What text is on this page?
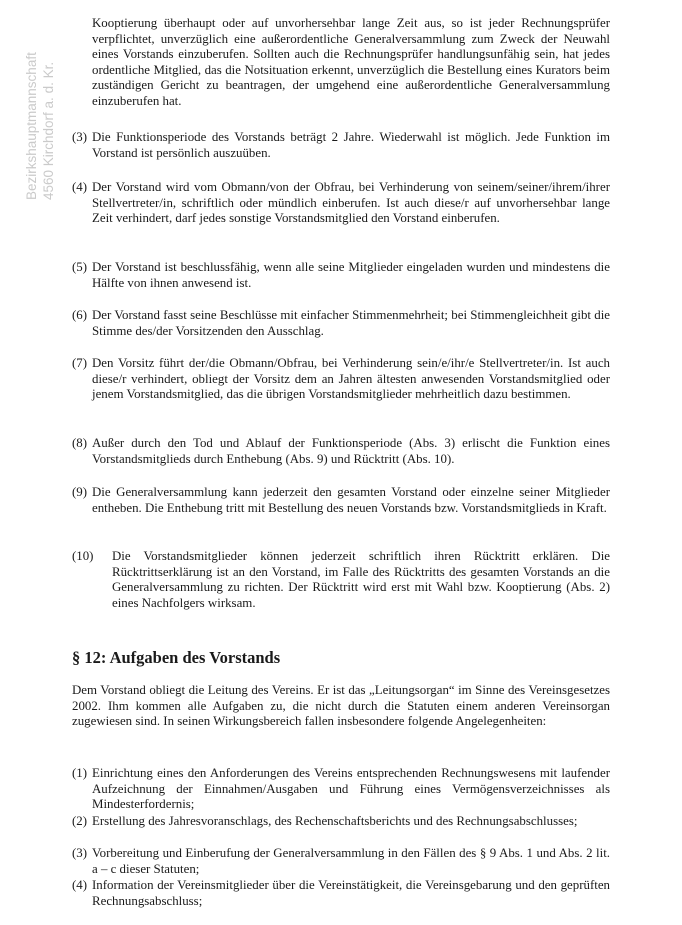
Bezirkshauptmannschaft 4560 Kirchdorf a. d. Kr.
Kooptierung überhaupt oder auf unvorhersehbar lange Zeit aus, so ist jeder Rechnungsprüfer verpflichtet, unverzüglich eine außerordentliche Generalversammlung zum Zweck der Neuwahl eines Vorstands einzuberufen. Sollten auch die Rechnungsprüfer handlungsunfähig sein, hat jedes ordentliche Mitglied, das die Notsituation erkennt, unverzüglich die Bestellung eines Kurators beim zuständigen Gericht zu beantragen, der umgehend eine außerordentliche Generalversammlung einzuberufen hat.
(3) Die Funktionsperiode des Vorstands beträgt 2 Jahre. Wiederwahl ist möglich. Jede Funktion im Vorstand ist persönlich auszuüben.
(4) Der Vorstand wird vom Obmann/von der Obfrau, bei Verhinderung von seinem/seiner/ihrem/ihrer Stellvertreter/in, schriftlich oder mündlich einberufen. Ist auch diese/r auf unvorhersehbar lange Zeit verhindert, darf jedes sonstige Vorstandsmitglied den Vorstand einberufen.
(5) Der Vorstand ist beschlussfähig, wenn alle seine Mitglieder eingeladen wurden und mindestens die Hälfte von ihnen anwesend ist.
(6) Der Vorstand fasst seine Beschlüsse mit einfacher Stimmenmehrheit; bei Stimmengleichheit gibt die Stimme des/der Vorsitzenden den Ausschlag.
(7) Den Vorsitz führt der/die Obmann/Obfrau, bei Verhinderung sein/e/ihr/e Stellvertreter/in. Ist auch diese/r verhindert, obliegt der Vorsitz dem an Jahren ältesten anwesenden Vorstandsmitglied oder jenem Vorstandsmitglied, das die übrigen Vorstandsmitglieder mehrheitlich dazu bestimmen.
(8) Außer durch den Tod und Ablauf der Funktionsperiode (Abs. 3) erlischt die Funktion eines Vorstandsmitglieds durch Enthebung (Abs. 9) und Rücktritt (Abs. 10).
(9) Die Generalversammlung kann jederzeit den gesamten Vorstand oder einzelne seiner Mitglieder entheben. Die Enthebung tritt mit Bestellung des neuen Vorstands bzw. Vorstandsmitglieds in Kraft.
(10)	Die Vorstandsmitglieder können jederzeit schriftlich ihren Rücktritt erklären. Die Rücktrittserklärung ist an den Vorstand, im Falle des Rücktritts des gesamten Vorstands an die Generalversammlung zu richten. Der Rücktritt wird erst mit Wahl bzw. Kooptierung (Abs. 2) eines Nachfolgers wirksam.
§ 12: Aufgaben des Vorstands
Dem Vorstand obliegt die Leitung des Vereins. Er ist das „Leitungsorgan“ im Sinne des Vereinsgesetzes 2002. Ihm kommen alle Aufgaben zu, die nicht durch die Statuten einem anderen Vereinsorgan zugewiesen sind. In seinen Wirkungsbereich fallen insbesondere folgende Angelegenheiten:
(1) Einrichtung eines den Anforderungen des Vereins entsprechenden Rechnungswesens mit laufender Aufzeichnung der Einnahmen/Ausgaben und Führung eines Vermögensverzeichnisses als Mindesterfordernis;
(2) Erstellung des Jahresvoranschlags, des Rechenschaftsberichts und des Rechnungsabschlusses;
(3) Vorbereitung und Einberufung der Generalversammlung in den Fällen des § 9 Abs. 1 und Abs. 2 lit. a – c dieser Statuten;
(4) Information der Vereinsmitglieder über die Vereinstätigkeit, die Vereinsgebarung und den geprüften Rechnungsabschluss;
